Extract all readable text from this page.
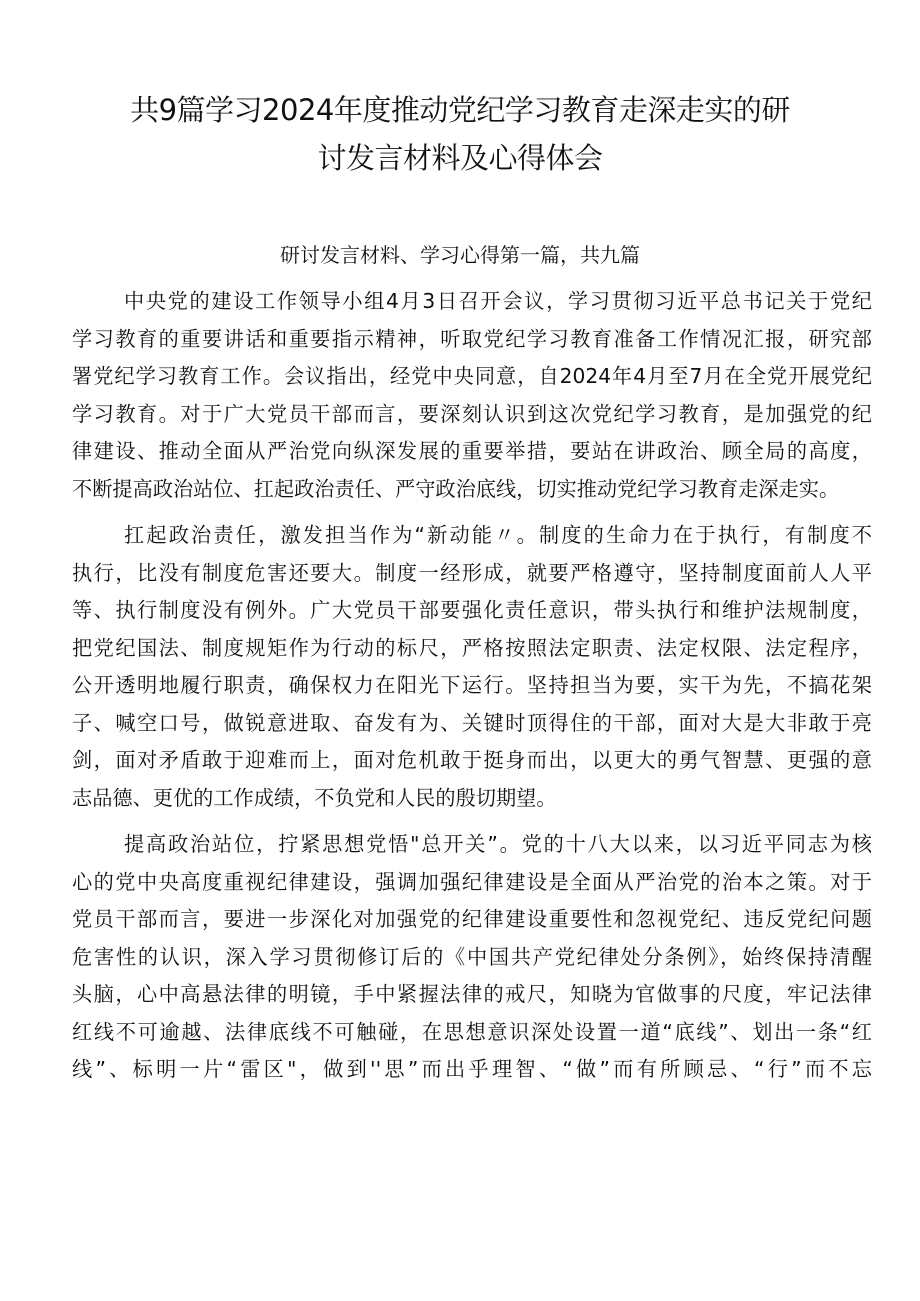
共9篇学习2024年度推动党纪学习教育走深走实的研
讨发言材料及心得体会

研讨发言材料、学习心得第一篇，共九篇

中央党的建设工作领导小组4月3日召开会议，学习贯彻习近平总书记关于党纪
学习教育的重要讲话和重要指示精神，听取党纪学习教育准备工作情况汇报，研究部
署党纪学习教育工作。会议指出，经党中央同意，自2024年4月至7月在全党开展党纪
学习教育。对于广大党员干部而言，要深刻认识到这次党纪学习教育，是加强党的纪
律建设、推动全面从严治党向纵深发展的重要举措，要站在讲政治、顾全局的高度，
不断提高政治站位、扛起政治责任、严守政治底线，切实推动党纪学习教育走深走实。
扛起政治责任，激发担当作为“新动能〃。制度的生命力在于执行，有制度不
执行，比没有制度危害还要大。制度一经形成，就要严格遵守，坚持制度面前人人平
等、执行制度没有例外。广大党员干部要强化责任意识，带头执行和维护法规制度，
把党纪国法、制度规矩作为行动的标尺，严格按照法定职责、法定权限、法定程序，
公开透明地履行职责，确保权力在阳光下运行。坚持担当为要，实干为先，不搞花架
子、喊空口号，做锐意进取、奋发有为、关键时顶得住的干部，面对大是大非敢于亮
剑，面对矛盾敢于迎难而上，面对危机敢于挺身而出，以更大的勇气智慧、更强的意
志品德、更优的工作成绩，不负党和人民的殷切期望。
提高政治站位，拧紧思想党悟"总开关”。党的十八大以来，以习近平同志为核
心的党中央高度重视纪律建设，强调加强纪律建设是全面从严治党的治本之策。对于
党员干部而言，要进一步深化对加强党的纪律建设重要性和忽视党纪、违反党纪问题
危害性的认识，深入学习贯彻修订后的《中国共产党纪律处分条例》，始终保持清醒
头脑，心中高悬法律的明镜，手中紧握法律的戒尺，知晓为官做事的尺度，牢记法律
红线不可逾越、法律底线不可触碰，在思想意识深处设置一道“底线”、划出一条“红
线”、标明一片“雷区"，做到''思”而出乎理智、“做”而有所顾忌、“行”而不忘
